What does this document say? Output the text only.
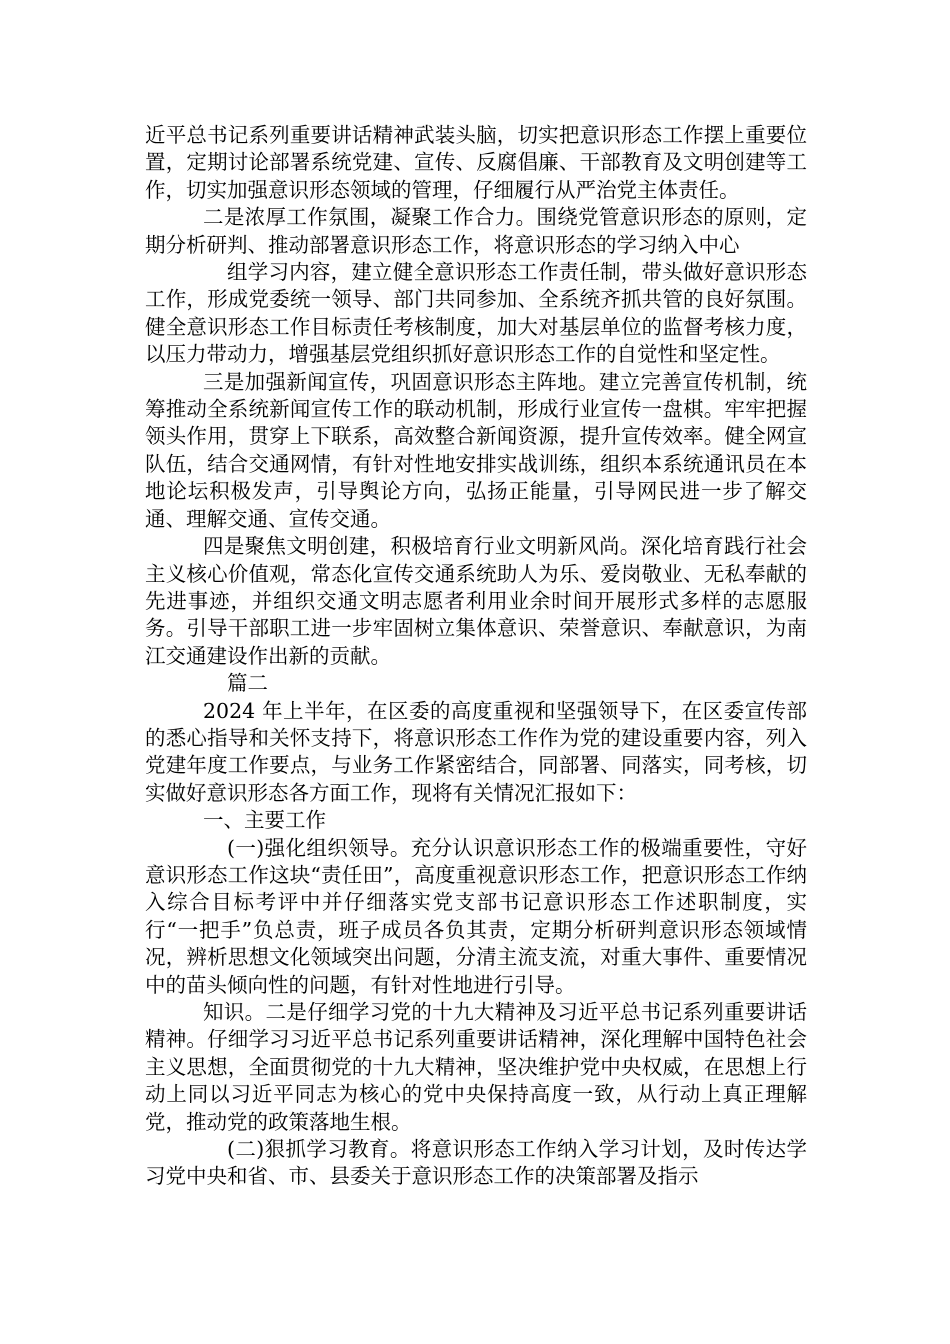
近平总书记系列重要讲话精神武装头脑，切实把意识形态工作摆上重要位置，定期讨论部署系统党建、宣传、反腐倡廉、干部教育及文明创建等工作，切实加强意识形态领域的管理，仔细履行从严治党主体责任。

二是浓厚工作氛围，凝聚工作合力。围绕党管意识形态的原则，定期分析研判、推动部署意识形态工作，将意识形态的学习纳入中心

组学习内容，建立健全意识形态工作责任制，带头做好意识形态工作，形成党委统一领导、部门共同参加、全系统齐抓共管的良好氛围。健全意识形态工作目标责任考核制度，加大对基层单位的监督考核力度，以压力带动力，增强基层党组织抓好意识形态工作的自觉性和坚定性。

三是加强新闻宣传，巩固意识形态主阵地。建立完善宣传机制，统筹推动全系统新闻宣传工作的联动机制，形成行业宣传一盘棋。牢牢把握领头作用，贯穿上下联系，高效整合新闻资源，提升宣传效率。健全网宣队伍，结合交通网情，有针对性地安排实战训练，组织本系统通讯员在本地论坛积极发声，引导舆论方向，弘扬正能量，引导网民进一步了解交通、理解交通、宣传交通。

四是聚焦文明创建，积极培育行业文明新风尚。深化培育践行社会主义核心价值观，常态化宣传交通系统助人为乐、爱岗敬业、无私奉献的先进事迹，并组织交通文明志愿者利用业余时间开展形式多样的志愿服务。引导干部职工进一步牢固树立集体意识、荣誉意识、奉献意识，为南江交通建设作出新的贡献。

篇二

2024 年上半年，在区委的高度重视和坚强领导下，在区委宣传部的悉心指导和关怀支持下，将意识形态工作作为党的建设重要内容，列入党建年度工作要点，与业务工作紧密结合，同部署、同落实，同考核，切实做好意识形态各方面工作，现将有关情况汇报如下：

一、主要工作

(一)强化组织领导。充分认识意识形态工作的极端重要性，守好意识形态工作这块“责任田”，高度重视意识形态工作，把意识形态工作纳入综合目标考评中并仔细落实党支部书记意识形态工作述职制度，实行“一把手”负总责，班子成员各负其责，定期分析研判意识形态领域情况，辨析思想文化领域突出问题，分清主流支流，对重大事件、重要情况中的苗头倾向性的问题，有针对性地进行引导。

知识。二是仔细学习党的十九大精神及习近平总书记系列重要讲话精神。仔细学习习近平总书记系列重要讲话精神，深化理解中国特色社会主义思想，全面贯彻党的十九大精神，坚决维护党中央权威，在思想上行动上同以习近平同志为核心的党中央保持高度一致，从行动上真正理解党，推动党的政策落地生根。

(二)狠抓学习教育。将意识形态工作纳入学习计划，及时传达学习党中央和省、市、县委关于意识形态工作的决策部署及指示
